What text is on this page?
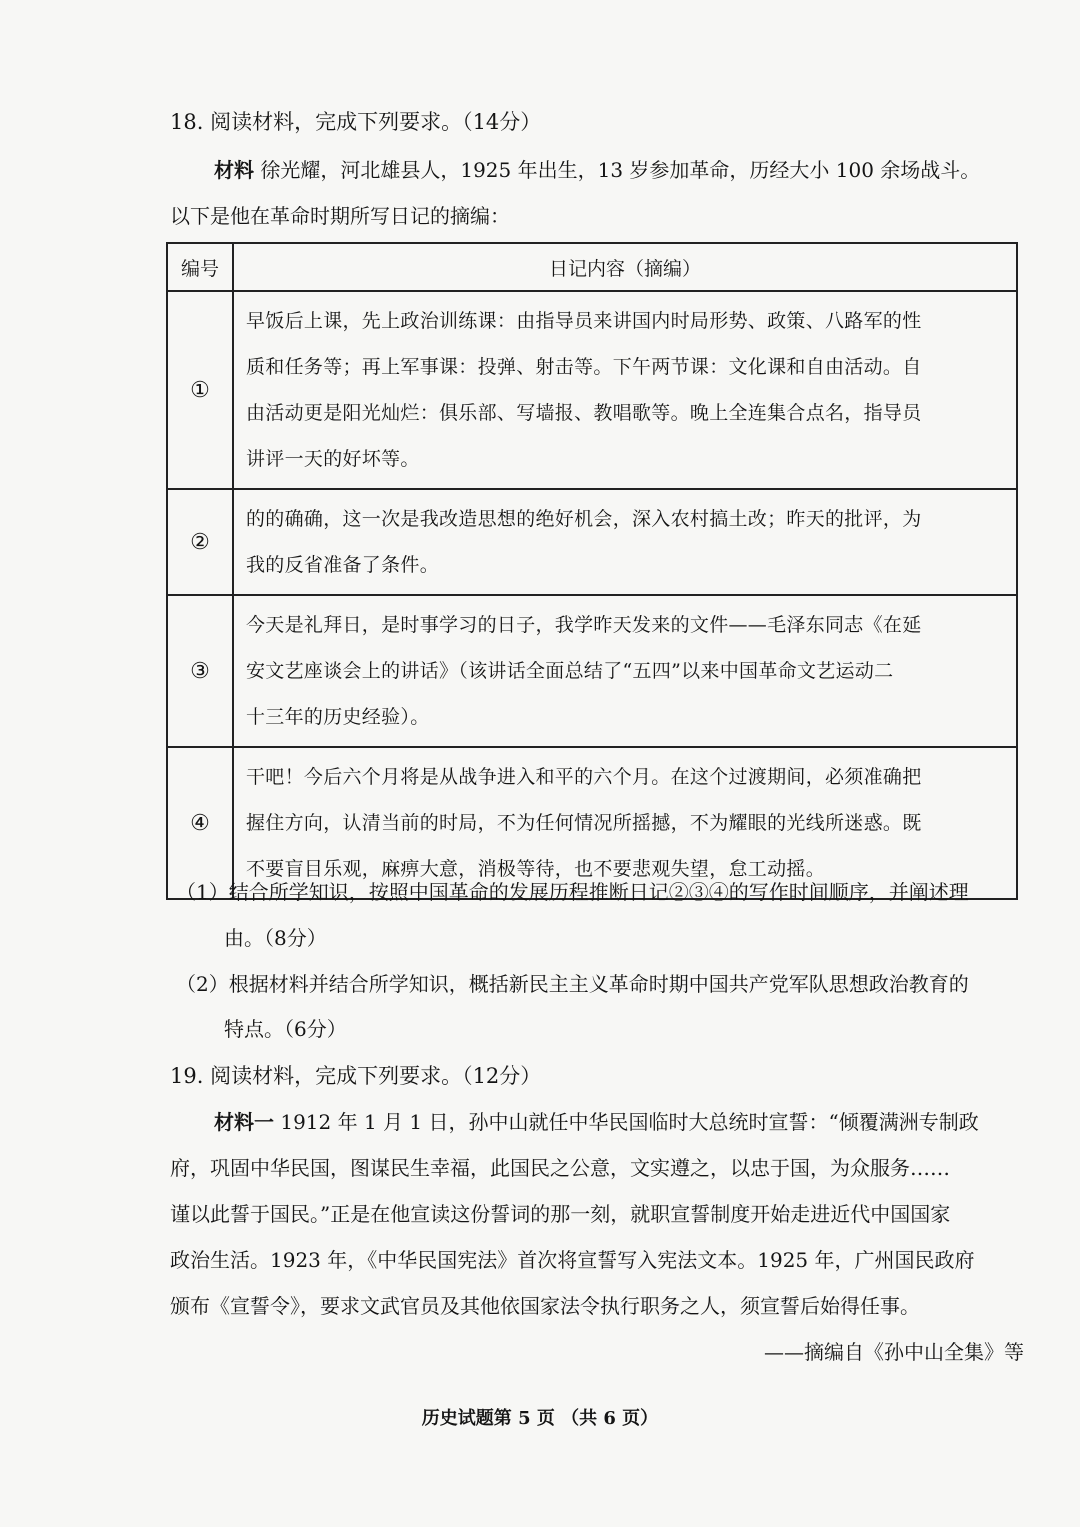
18. 阅读材料，完成下列要求。（14分）
材料 徐光耀，河北雄县人，1925 年出生，13 岁参加革命，历经大小 100 余场战斗。
以下是他在革命时期所写日记的摘编：
编号	日记内容（摘编）
①	早饭后上课，先上政治训练课：由指导员来讲国内时局形势、政策、八路军的性
质和任务等；再上军事课：投弹、射击等。下午两节课：文化课和自由活动。自
由活动更是阳光灿烂：俱乐部、写墙报、教唱歌等。晚上全连集合点名，指导员
讲评一天的好坏等。

②	的的确确，这一次是我改造思想的绝好机会，深入农村搞土改；昨天的批评，为
我的反省准备了条件。

③	今天是礼拜日，是时事学习的日子，我学昨天发来的文件——毛泽东同志《在延
安文艺座谈会上的讲话》（该讲话全面总结了“五四”以来中国革命文艺运动二
十三年的历史经验）。

④	干吧！今后六个月将是从战争进入和平的六个月。在这个过渡期间，必须准确把
握住方向，认清当前的时局，不为任何情况所摇撼，不为耀眼的光线所迷惑。既
不要盲目乐观，麻痹大意，消极等待，也不要悲观失望，怠工动摇。
（1）结合所学知识，按照中国革命的发展历程推断日记②③④的写作时间顺序，并阐述理
由。（8分）
（2）根据材料并结合所学知识，概括新民主主义革命时期中国共产党军队思想政治教育的
特点。（6分）
19. 阅读材料，完成下列要求。（12分）
材料一 1912 年 1 月 1 日，孙中山就任中华民国临时大总统时宣誓：“倾覆满洲专制政
府，巩固中华民国，图谋民生幸福，此国民之公意，文实遵之，以忠于国，为众服务……
谨以此誓于国民。”正是在他宣读这份誓词的那一刻，就职宣誓制度开始走进近代中国国家
政治生活。1923 年，《中华民国宪法》首次将宣誓写入宪法文本。1925 年，广州国民政府
颁布《宣誓令》，要求文武官员及其他依国家法令执行职务之人，须宣誓后始得任事。
——摘编自《孙中山全集》等
历史试题第 5 页 （共 6 页）
